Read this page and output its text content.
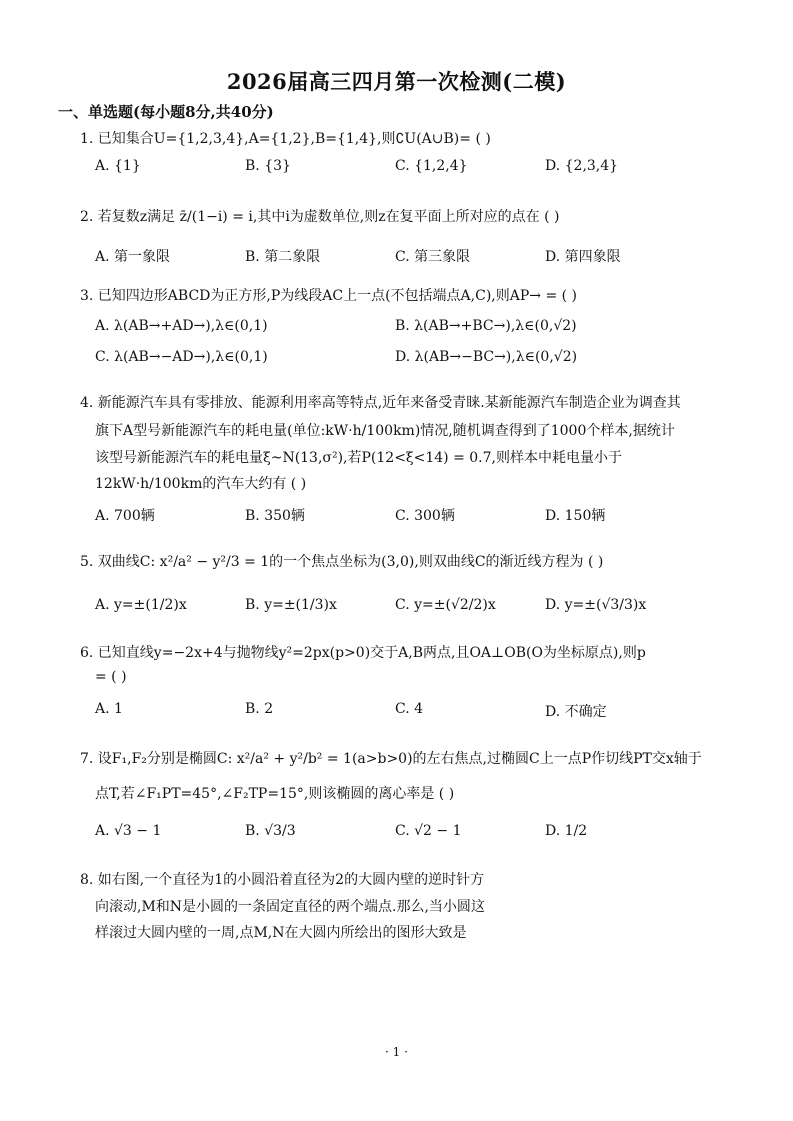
2026届高三四月第一次检测(二模)
一、单选题(每小题8分,共40分)
1. 已知集合U={1,2,3,4},A={1,2},B={1,4},则∁U(A∪B)= ( )
A. {1}	B. {3}	C. {1,2,4}	D. {2,3,4}
2. 若复数z满足 z̄/(1−i) = i,其中i为虚数单位,则z在复平面上所对应的点在 ( )
A. 第一象限	B. 第二象限	C. 第三象限	D. 第四象限
3. 已知四边形ABCD为正方形,P为线段AC上一点(不包括端点A,C),则AP→ = ( )
A. λ(AB→+AD→),λ∈(0,1)	B. λ(AB→+BC→),λ∈(0,√2)
C. λ(AB→−AD→),λ∈(0,1)	D. λ(AB→−BC→),λ∈(0,√2)
4. 新能源汽车具有零排放、能源利用率高等特点,近年来备受青睐.某新能源汽车制造企业为调查其
旗下A型号新能源汽车的耗电量(单位:kW·h/100km)情况,随机调查得到了1000个样本,据统计
该型号新能源汽车的耗电量ξ~N(13,σ²),若P(12<ξ<14) = 0.7,则样本中耗电量小于
12kW·h/100km的汽车大约有 ( )
A. 700辆	B. 350辆	C. 300辆	D. 150辆
5. 双曲线C: x²/a² − y²/3 = 1的一个焦点坐标为(3,0),则双曲线C的渐近线方程为 ( )
A. y=±(1/2)x	B. y=±(1/3)x	C. y=±(√2/2)x	D. y=±(√3/3)x
6. 已知直线y=−2x+4与抛物线y²=2px(p>0)交于A,B两点,且OA⊥OB(O为坐标原点),则p
= ( )
A. 1	B. 2	C. 4	D. 不确定
7. 设F₁,F₂分别是椭圆C: x²/a² + y²/b² = 1(a>b>0)的左右焦点,过椭圆C上一点P作切线PT交x轴于
点T,若∠F₁PT=45°,∠F₂TP=15°,则该椭圆的离心率是 ( )
A. √3 − 1	B. √3/3	C. √2 − 1	D. 1/2
8. 如右图,一个直径为1的小圆沿着直径为2的大圆内壁的逆时针方
向滚动,M和N是小圆的一条固定直径的两个端点.那么,当小圆这
样滚过大圆内壁的一周,点M,N在大圆内所绘出的图形大致是
· 1 ·
